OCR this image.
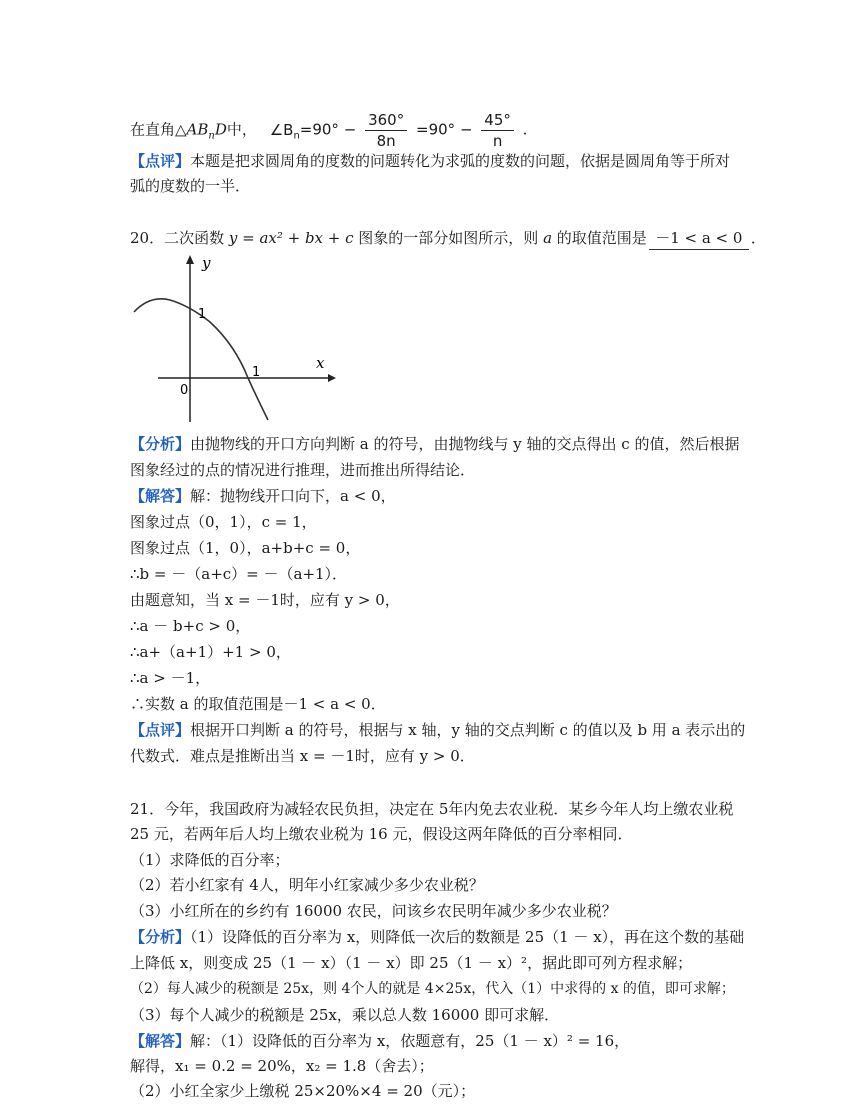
在直角$\triangle AB_nD$中， $\angle B_n=90^\circ - \frac{360^\circ}{8n} =90^\circ - \frac{45^\circ}{n}$ .
【点评】本题是把求圆周角的度数的问题转化为求弧的度数的问题，依据是圆周角等于所对
弧的度数的一半．
20．二次函数 y = ax² + bx + c 图象的一部分如图所示，则 a 的取值范围是 －1 < a < 0 ．
y
x
0
1
1
【分析】由抛物线的开口方向判断 a 的符号，由抛物线与 y 轴的交点得出 c 的值，然后根据
图象经过的点的情况进行推理，进而推出所得结论．
【解答】解：抛物线开口向下，a < 0，
图象过点（0，1），c = 1，
图象过点（1，0），a+b+c = 0，
∴b = －（a+c）= －（a+1）．
由题意知，当 x = －1时，应有 y > 0，
∴a － b+c > 0，
∴a+（a+1）+1 > 0，
∴a > －1，
∴实数 a 的取值范围是－1 < a < 0．
【点评】根据开口判断 a 的符号，根据与 x 轴，y 轴的交点判断 c 的值以及 b 用 a 表示出的
代数式．难点是推断出当 x = －1时，应有 y > 0．
21．今年，我国政府为减轻农民负担，决定在 5年内免去农业税．某乡今年人均上缴农业税
25 元，若两年后人均上缴农业税为 16 元，假设这两年降低的百分率相同．
（1）求降低的百分率；
（2）若小红家有 4人，明年小红家减少多少农业税？
（3）小红所在的乡约有 16000 农民，问该乡农民明年减少多少农业税？
【分析】（1）设降低的百分率为 x，则降低一次后的数额是 25（1 － x），再在这个数的基础
上降低 x，则变成 25（1 － x）（1 － x）即 25（1 － x）²，据此即可列方程求解；
（2）每人减少的税额是 25x，则 4个人的就是 4×25x，代入（1）中求得的 x 的值，即可求解；
（3）每个人减少的税额是 25x，乘以总人数 16000 即可求解．
【解答】解：（1）设降低的百分率为 x，依题意有，25（1 － x）² = 16，
解得，x₁ = 0.2 = 20%，x₂ = 1.8（舍去）；
（2）小红全家少上缴税 25×20%×4 = 20（元）；
